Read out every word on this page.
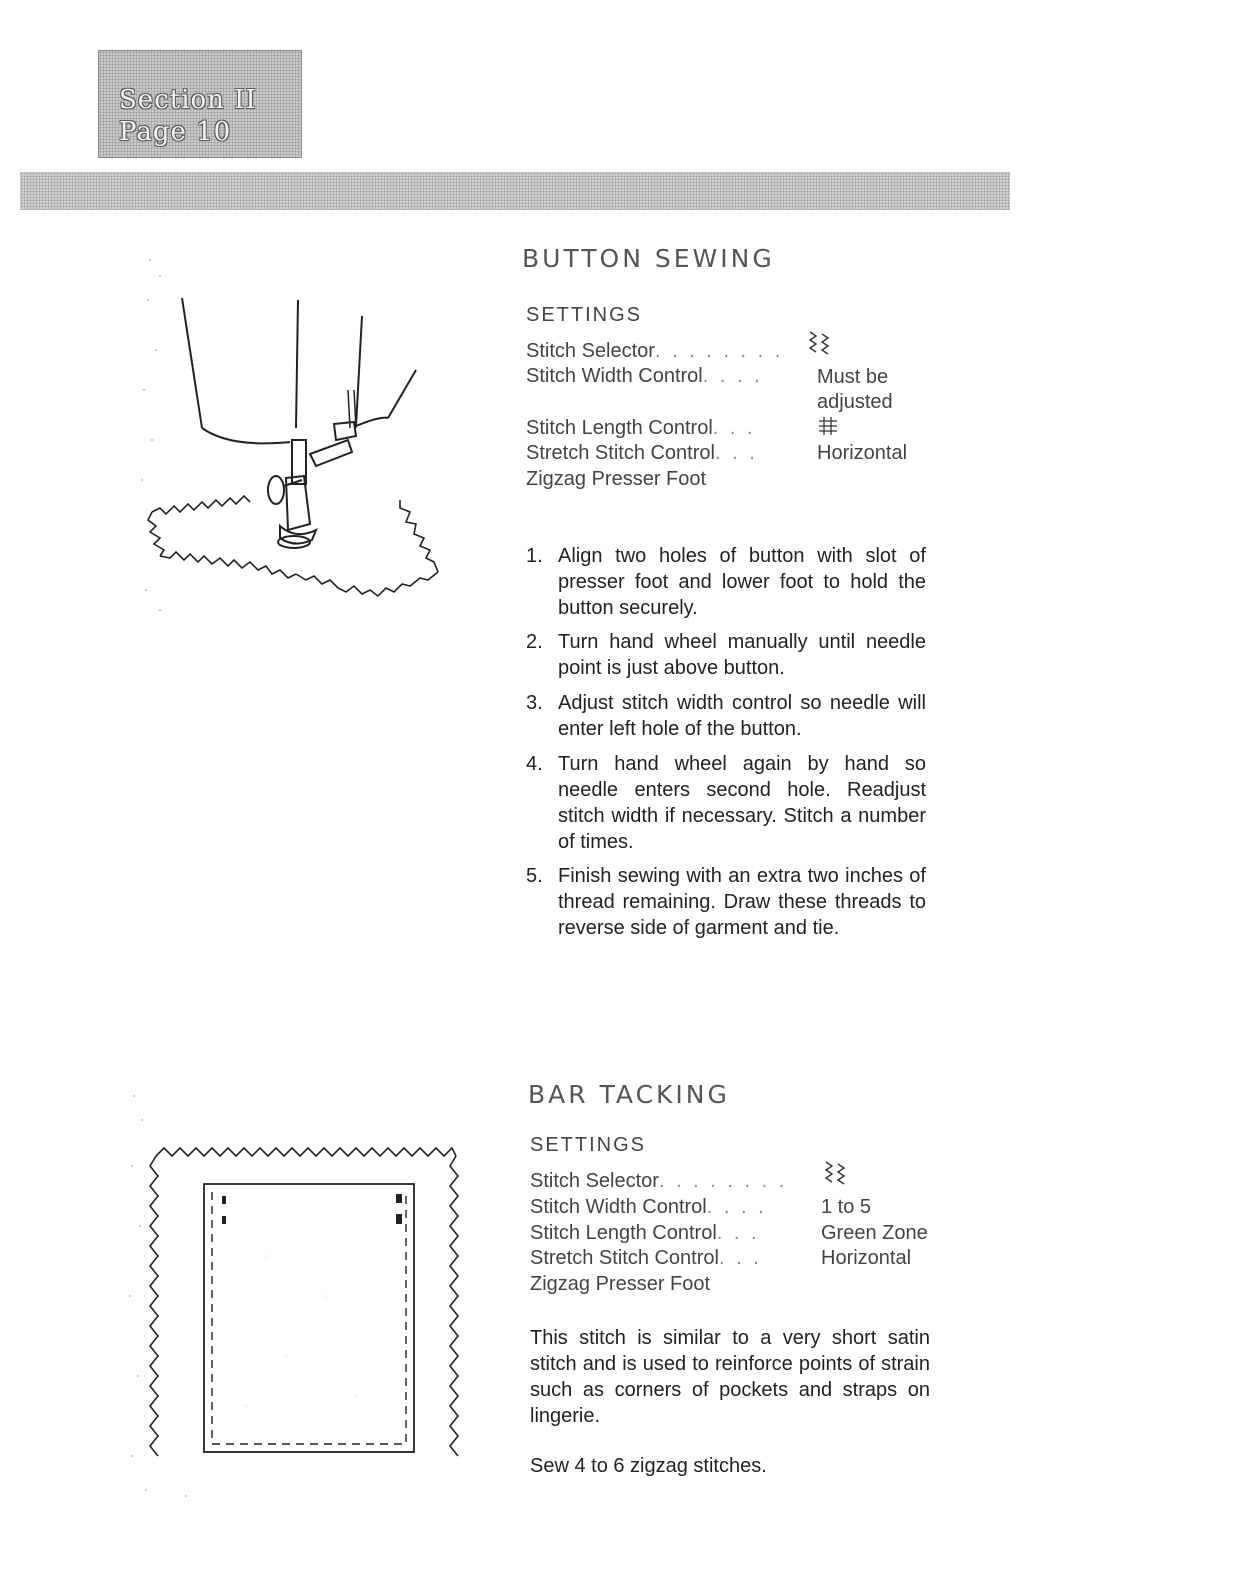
Section II
Page 10
BUTTON SEWING
SETTINGS
Stitch Selector. . . . . . . .
Stitch Width Control. . . .	Must be adjusted
Stitch Length Control. . .
Stretch Stitch Control. . .	Horizontal
Zigzag Presser Foot
1. Align two holes of button with slot of presser foot and lower foot to hold the button securely.
2. Turn hand wheel manually until needle point is just above button.
3. Adjust stitch width control so needle will enter left hole of the button.
4. Turn hand wheel again by hand so needle enters second hole. Readjust stitch width if necessary. Stitch a number of times.
5. Finish sewing with an extra two inches of thread remaining. Draw these threads to reverse side of garment and tie.
BAR TACKING
SETTINGS
Stitch Selector. . . . . . . .
Stitch Width Control. . . .	1 to 5
Stitch Length Control. . .	Green Zone
Stretch Stitch Control. . .	Horizontal
Zigzag Presser Foot
This stitch is similar to a very short satin stitch and is used to reinforce points of strain such as corners of pockets and straps on lingerie.
Sew 4 to 6 zigzag stitches.
